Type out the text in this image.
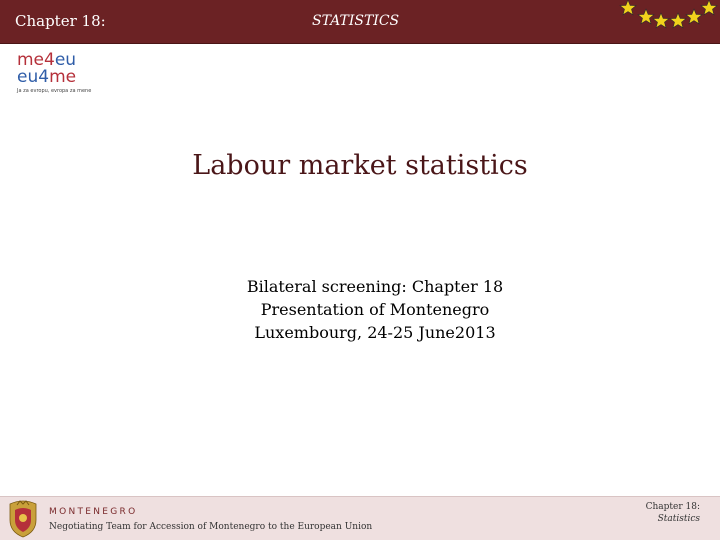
Chapter 18:	STATISTICS
me4eu
eu4me
Ja za evropu, evropa za mene
Labour market statistics
Bilateral screening: Chapter 18
Presentation of Montenegro
Luxembourg, 24-25 June2013
MONTENEGRO
Negotiating Team for Accession of Montenegro to the European Union
Chapter 18:
Statistics
